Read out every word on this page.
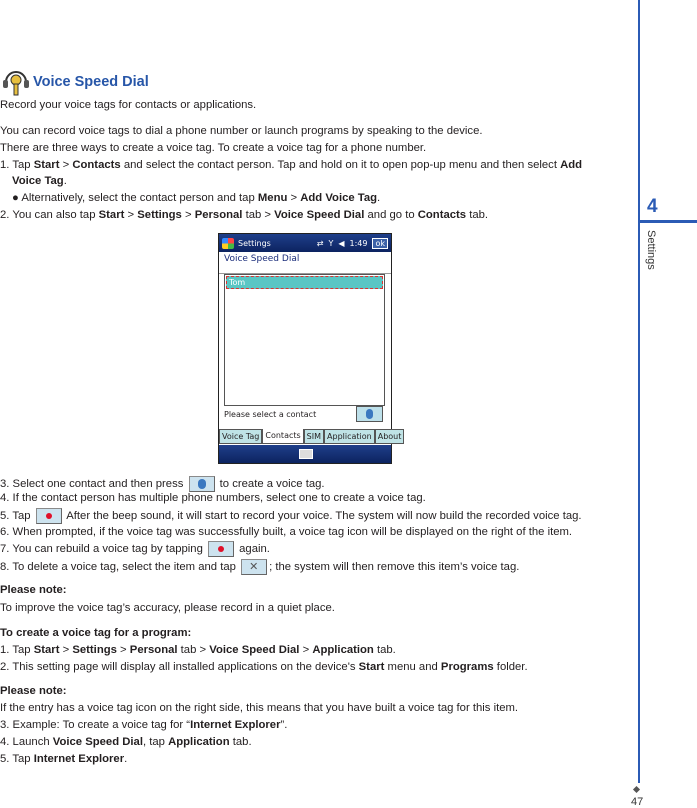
Voice Speed Dial
Record your voice tags for contacts or applications.
You can record voice tags to dial a phone number or launch programs by speaking to the device.
There are three ways to create a voice tag. To create a voice tag for a phone number.
1. Tap Start > Contacts and select the contact person. Tap and hold on it to open pop-up menu and then select Add
Voice Tag.
● Alternatively, select the contact person and tap Menu > Add Voice Tag.
2. You can also tap Start > Settings > Personal tab > Voice Speed Dial and go to Contacts tab.
3. Select one contact and then press	to create a voice tag.
4. If the contact person has multiple phone numbers, select one to create a voice tag.
5. Tap	After the beep sound, it will start to record your voice. The system will now build the recorded voice tag.
6. When prompted, if the voice tag was successfully built, a voice tag icon will be displayed on the right of the item.
7. You can rebuild a voice tag by tapping	again.
8. To delete a voice tag, select the item and tap ✕	; the system will then remove this item’s voice tag.
Please note:
To improve the voice tag’s accuracy, please record in a quiet place.
To create a voice tag for a program:
1. Tap Start > Settings > Personal tab > Voice Speed Dial > Application tab.
2. This setting page will display all installed applications on the device's Start menu and Programs folder.
Please note:
If the entry has a voice tag icon on the right side, this means that you have built a voice tag for this item.
3. Example: To create a voice tag for “Internet Explorer”.
4. Launch Voice Speed Dial, tap Application tab.
5. Tap Internet Explorer.
Settings	⇄ Y ◀ 1:49	ok
Voice Speed Dial
Tom
Please select a contact
Voice Tag Contacts SIM Application About
4
Settings
47
